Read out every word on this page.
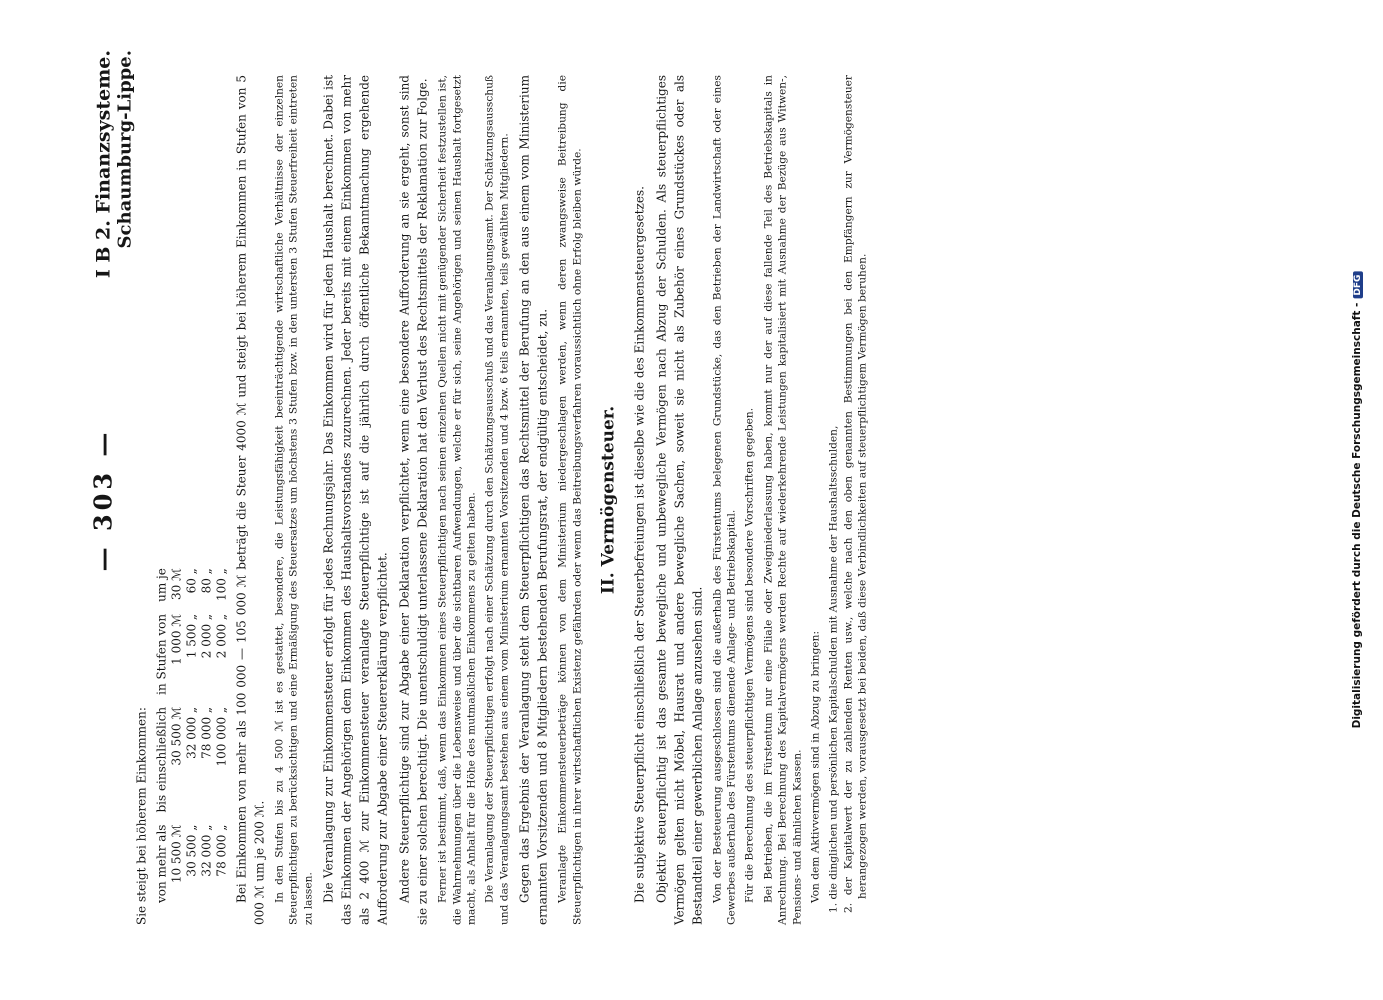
— 303 —
I B 2. Finanzsysteme. Schaumburg-Lippe.

Sie steigt bei höherem Einkommen: von mehr als	bis einschließlich	in Stufen von	um je
10 500 ℳ	30 500 ℳ	1 000 ℳ	30 ℳ
30 500 „	32 000 „	1 500 „	60 „
32 000 „	78 000 „	2 000 „	80 „
78 000 „	100 000 „	2 000 „	100 „ Bei Einkommen von mehr als 100 000 — 105 000 ℳ beträgt die Steuer 4000 ℳ und steigt bei höherem Einkommen in Stufen von 5 000 ℳ um je 200 ℳ. In den Stufen bis zu 4 500 ℳ ist es gestattet, besondere, die Leistungsfähigkeit beeinträchtigende wirtschaftliche Verhältnisse der einzelnen Steuerpflichtigen zu berücksichtigen und eine Ermäßigung des Steuersatzes um höchstens 3 Stufen bzw. in den untersten 3 Stufen Steuerfreiheit eintreten zu lassen. Die Veranlagung zur Einkommensteuer erfolgt für jedes Rechnungsjahr. Das Einkommen wird für jeden Haushalt berechnet. Dabei ist das Einkommen der Angehörigen dem Einkommen des Haushaltsvorstandes zuzurechnen. Jeder bereits mit einem Einkommen von mehr als 2 400 ℳ zur Einkommensteuer veranlagte Steuerpflichtige ist auf die jährlich durch öffentliche Bekanntmachung ergehende Aufforderung zur Abgabe einer Steuererklärung verpflichtet. Andere Steuerpflichtige sind zur Abgabe einer Deklaration verpflichtet, wenn eine besondere Aufforderung an sie ergeht, sonst sind sie zu einer solchen berechtigt. Die unentschuldigt unterlassene Deklaration hat den Verlust des Rechtsmittels der Reklamation zur Folge. Ferner ist bestimmt, daß, wenn das Einkommen eines Steuerpflichtigen nach seinen einzelnen Quellen nicht mit genügender Sicherheit festzustellen ist, die Wahrnehmungen über die Lebensweise und über die sichtbaren Aufwendungen, welche er für sich, seine Angehörigen und seinen Haushalt fortgesetzt macht, als Anhalt für die Höhe des mutmaßlichen Einkommens zu gelten haben. Die Veranlagung der Steuerpflichtigen erfolgt nach einer Schätzung durch den Schätzungsausschuß und das Veranlagungsamt. Der Schätzungsausschuß und das Veranlagungsamt bestehen aus einem vom Ministerium ernannten Vorsitzenden und 4 bzw. 6 teils ernannten, teils gewählten Mitgliedern. Gegen das Ergebnis der Veranlagung steht dem Steuerpflichtigen das Rechtsmittel der Berufung an den aus einem vom Ministerium ernannten Vorsitzenden und 8 Mitgliedern bestehenden Berufungsrat, der endgültig entscheidet, zu. Veranlagte Einkommensteuerbeträge können von dem Ministerium niedergeschlagen werden, wenn deren zwangsweise Beitreibung die Steuerpflichtigen in ihrer wirtschaftlichen Existenz gefährden oder wenn das Beitreibungsverfahren voraussichtlich ohne Erfolg bleiben würde. II. Vermögensteuer. Die subjektive Steuerpflicht einschließlich der Steuerbefreiungen ist dieselbe wie die des Einkommensteuergesetzes. Objektiv steuerpflichtig ist das gesamte bewegliche und unbewegliche Vermögen nach Abzug der Schulden. Als steuerpflichtiges Vermögen gelten nicht Möbel, Hausrat und andere bewegliche Sachen, soweit sie nicht als Zubehör eines Grundstückes oder als Bestandteil einer gewerblichen Anlage anzusehen sind. Von der Besteuerung ausgeschlossen sind die außerhalb des Fürstentums belegenen Grundstücke, das den Betrieben der Landwirtschaft oder eines Gewerbes außerhalb des Fürstentums dienende Anlage- und Betriebskapital. Für die Berechnung des steuerpflichtigen Vermögens sind besondere Vorschriften gegeben. Bei Betrieben, die im Fürstentum nur eine Filiale oder Zweigniederlassung haben, kommt nur der auf diese fallende Teil des Betriebskapitals in Anrechnung. Bei Berechnung des Kapitalvermögens werden Rechte auf wiederkehrende Leistungen kapitalisiert mit Ausnahme der Bezüge aus Witwen-, Pensions- und ähnlichen Kassen. Von dem Aktivvermögen sind in Abzug zu bringen: 1. die dinglichen und persönlichen Kapitalschulden mit Ausnahme der Haushaltsschulden, 2. der Kapitalwert der zu zahlenden Renten usw., welche nach den oben genannten Bestimmungen bei den Empfängern zur Vermögensteuer herangezogen werden, vorausgesetzt bei beiden, daß diese Verbindlichkeiten auf steuerpflichtigem Vermögen beruhen.	Digitalisierung gefördert durch die Deutsche Forschungsgemeinschaft -DFG
